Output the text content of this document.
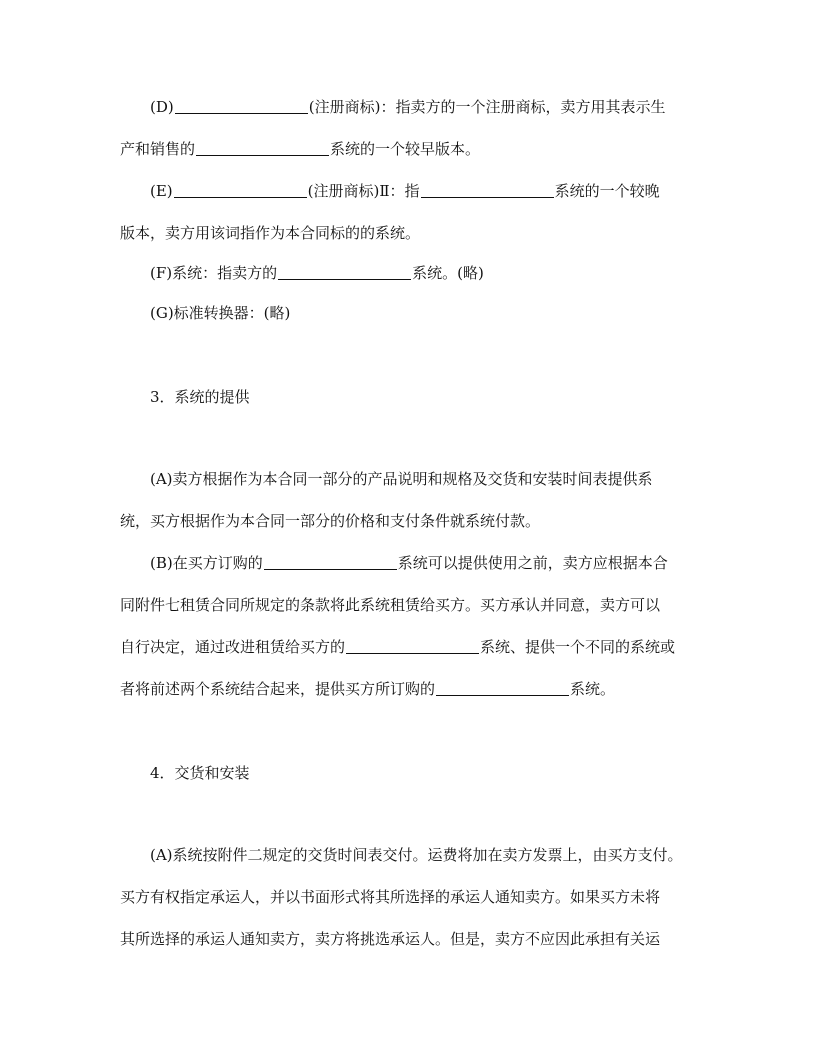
(D)	(注册商标)：指卖方的一个注册商标，卖方用其表示生
产和销售的	系统的一个较早版本。
(E)	(注册商标)Ⅱ：指	系统的一个较晚
版本，卖方用该词指作为本合同标的的系统。
(F)系统：指卖方的	系统。(略)
(G)标准转换器：(略)
3．系统的提供
(A)卖方根据作为本合同一部分的产品说明和规格及交货和安装时间表提供系
统，买方根据作为本合同一部分的价格和支付条件就系统付款。
(B)在买方订购的	系统可以提供使用之前，卖方应根据本合
同附件七租赁合同所规定的条款将此系统租赁给买方。买方承认并同意，卖方可以
自行决定，通过改进租赁给买方的	系统、提供一个不同的系统或
者将前述两个系统结合起来，提供买方所订购的	系统。
4．交货和安装
(A)系统按附件二规定的交货时间表交付。运费将加在卖方发票上，由买方支付。
买方有权指定承运人，并以书面形式将其所选择的承运人通知卖方。如果买方未将
其所选择的承运人通知卖方，卖方将挑选承运人。但是，卖方不应因此承担有关运
